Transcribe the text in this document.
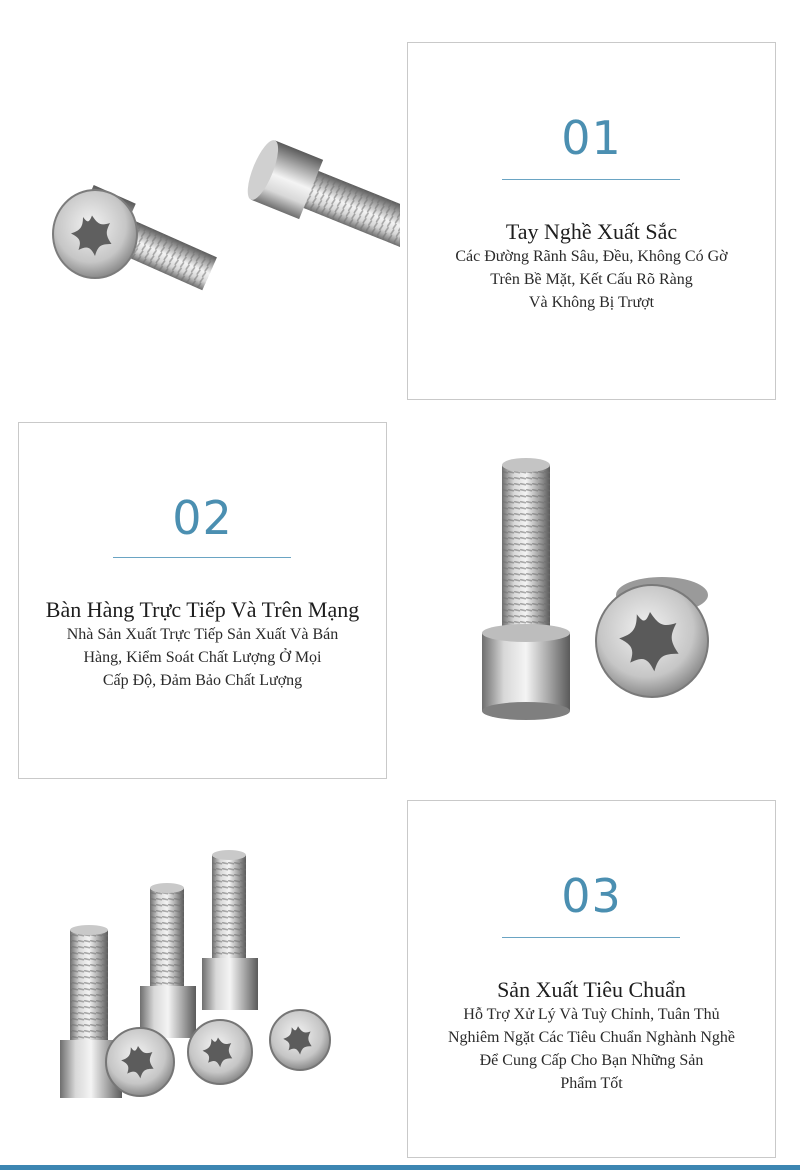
01
Tay Nghề Xuất Sắc
Các Đường Rãnh Sâu, Đều, Không Có Gờ
Trên Bề Mặt, Kết Cấu Rõ Ràng
Và Không Bị Trượt
02
Bàn Hàng Trực Tiếp Và Trên Mạng
Nhà Sản Xuất Trực Tiếp Sản Xuất Và Bán
Hàng, Kiểm Soát Chất Lượng Ở Mọi
Cấp Độ, Đảm Bảo Chất Lượng
03
Sản Xuất Tiêu Chuẩn
Hỗ Trợ Xử Lý Và Tuỳ Chỉnh, Tuân Thủ
Nghiêm Ngặt Các Tiêu Chuẩn Nghành Nghề
Để Cung Cấp Cho Bạn Những Sản
Phẩm Tốt
